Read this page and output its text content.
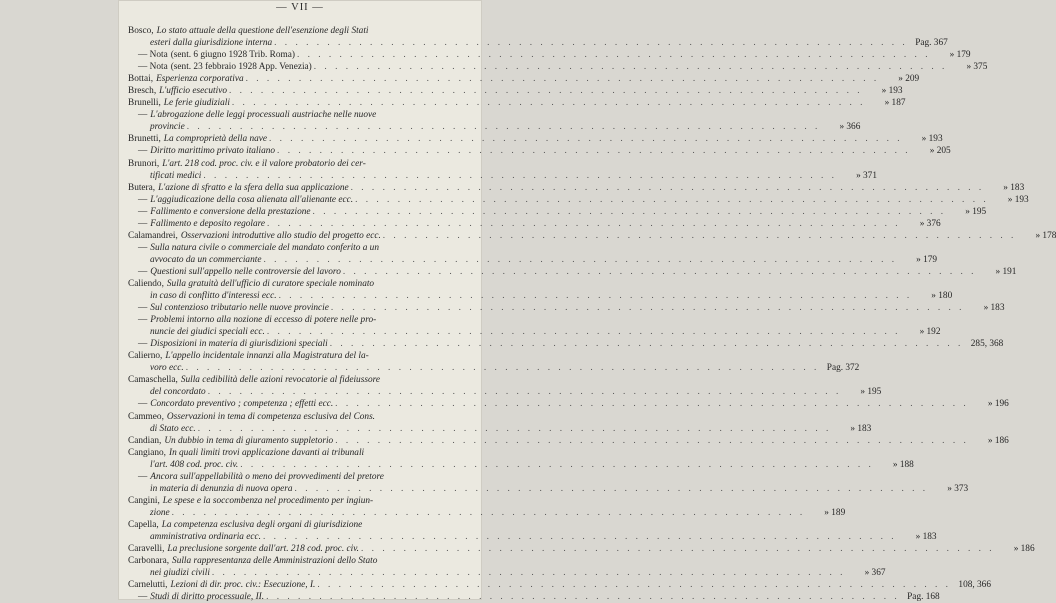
— VII —
Bosco, Lo stato attuale della questione dell'esenzione degli Stati
esteri dalla giurisdizione interna . . . . . . . . . . . . . . . . . . . . . . . . . . . . . . . . . . . . . . . . . . . . . . . . . . . . . . . . . . . . Pag. 367
— Nota (sent. 6 giugno 1928 Trib. Roma) . . . . . . . . . . . . . . . . . . . . . . . . . . . . . . . . . . . . . . . . . . . . . . . . . . . . . . . . . . . .	» 179
— Nota (sent. 23 febbraio 1928 App. Venezia) . . . . . . . . . . . . . . . . . . . . . . . . . . . . . . . . . . . . . . . . . . . . . . . . . . . . . . . . . . . .	» 375
Bottai, Esperienza corporativa . . . . . . . . . . . . . . . . . . . . . . . . . . . . . . . . . . . . . . . . . . . . . . . . . . . . . . . . . . . .	» 209
Bresch, L'ufficio esecutivo . . . . . . . . . . . . . . . . . . . . . . . . . . . . . . . . . . . . . . . . . . . . . . . . . . . . . . . . . . . .	» 193
Brunelli, Le ferie giudiziali . . . . . . . . . . . . . . . . . . . . . . . . . . . . . . . . . . . . . . . . . . . . . . . . . . . . . . . . . . . .	» 187
— L'abrogazione delle leggi processuali austriache nelle nuove
provincie . . . . . . . . . . . . . . . . . . . . . . . . . . . . . . . . . . . . . . . . . . . . . . . . . . . . . . . . . . . .	» 366
Brunetti, La comproprietà della nave . . . . . . . . . . . . . . . . . . . . . . . . . . . . . . . . . . . . . . . . . . . . . . . . . . . . . . . . . . . .	» 193
— Diritto marittimo privato italiano . . . . . . . . . . . . . . . . . . . . . . . . . . . . . . . . . . . . . . . . . . . . . . . . . . . . . . . . . . . .	» 205
Brunori, L'art. 218 cod. proc. civ. e il valore probatorio dei cer-
tificati medici . . . . . . . . . . . . . . . . . . . . . . . . . . . . . . . . . . . . . . . . . . . . . . . . . . . . . . . . . . . .	» 371
Butera, L'azione di sfratto e la sfera della sua applicazione . . . . . . . . . . . . . . . . . . . . . . . . . . . . . . . . . . . . . . . . . . . . . . . . . . . . . . . . . . . .	» 183
— L'aggiudicazione della cosa alienata all'alienante ecc. . . . . . . . . . . . . . . . . . . . . . . . . . . . . . . . . . . . . . . . . . . . . . . . . . . . . . . . . . . . .	» 193
— Fallimento e conversione della prestazione . . . . . . . . . . . . . . . . . . . . . . . . . . . . . . . . . . . . . . . . . . . . . . . . . . . . . . . . . . . .	» 195
— Fallimento e deposito regolare . . . . . . . . . . . . . . . . . . . . . . . . . . . . . . . . . . . . . . . . . . . . . . . . . . . . . . . . . . . .	» 376
Calamandrei, Osservazioni introduttive allo studio del progetto ecc. . . . . . . . . . . . . . . . . . . . . . . . . . . . . . . . . . . . . . . . . . . . . . . . . . . . . . . . . . . . .	» 178
— Sulla natura civile o commerciale del mandato conferito a un
avvocato da un commerciante . . . . . . . . . . . . . . . . . . . . . . . . . . . . . . . . . . . . . . . . . . . . . . . . . . . . . . . . . . . .	» 179
— Questioni sull'appello nelle controversie del lavoro . . . . . . . . . . . . . . . . . . . . . . . . . . . . . . . . . . . . . . . . . . . . . . . . . . . . . . . . . . . .	» 191
Caliendo, Sulla gratuità dell'ufficio di curatore speciale nominato
in caso di conflitto d'interessi ecc. . . . . . . . . . . . . . . . . . . . . . . . . . . . . . . . . . . . . . . . . . . . . . . . . . . . . . . . . . . . .	» 180
— Sul contenzioso tributario nelle nuove provincie . . . . . . . . . . . . . . . . . . . . . . . . . . . . . . . . . . . . . . . . . . . . . . . . . . . . . . . . . . . .	» 183
— Problemi intorno alla nozione di eccesso di potere nelle pro-
nuncie dei giudici speciali ecc. . . . . . . . . . . . . . . . . . . . . . . . . . . . . . . . . . . . . . . . . . . . . . . . . . . . . . . . . . . . .	» 192
— Disposizioni in materia di giurisdizioni speciali . . . . . . . . . . . . . . . . . . . . . . . . . . . . . . . . . . . . . . . . . . . . . . . . . . . . . . . . . . . . 285, 368
Calierno, L'appello incidentale innanzi alla Magistratura del la-
voro ecc. . . . . . . . . . . . . . . . . . . . . . . . . . . . . . . . . . . . . . . . . . . . . . . . . . . . . . . . . . . . . Pag. 372
Camaschella, Sulla cedibilità delle azioni revocatorie al fideiussore
del concordato . . . . . . . . . . . . . . . . . . . . . . . . . . . . . . . . . . . . . . . . . . . . . . . . . . . . . . . . . . . .	» 195
— Concordato preventivo ; competenza ; effetti ecc. . . . . . . . . . . . . . . . . . . . . . . . . . . . . . . . . . . . . . . . . . . . . . . . . . . . . . . . . . . . .	» 196
Cammeo, Osservazioni in tema di competenza esclusiva del Cons.
di Stato ecc. . . . . . . . . . . . . . . . . . . . . . . . . . . . . . . . . . . . . . . . . . . . . . . . . . . . . . . . . . . . .	» 183
Candian, Un dubbio in tema di giuramento suppletorio . . . . . . . . . . . . . . . . . . . . . . . . . . . . . . . . . . . . . . . . . . . . . . . . . . . . . . . . . . . .	» 186
Cangiano, In quali limiti trovi applicazione davanti ai tribunali
l'art. 408 cod. proc. civ. . . . . . . . . . . . . . . . . . . . . . . . . . . . . . . . . . . . . . . . . . . . . . . . . . . . . . . . . . . . .	» 188
— Ancora sull'appellabilità o meno dei provvedimenti del pretore
in materia di denunzia di nuova opera . . . . . . . . . . . . . . . . . . . . . . . . . . . . . . . . . . . . . . . . . . . . . . . . . . . . . . . . . . . .	» 373
Cangini, Le spese e la soccombenza nel procedimento per ingiun-
zione . . . . . . . . . . . . . . . . . . . . . . . . . . . . . . . . . . . . . . . . . . . . . . . . . . . . . . . . . . . .	» 189
Capella, La competenza esclusiva degli organi di giurisdizione
amministrativa ordinaria ecc. . . . . . . . . . . . . . . . . . . . . . . . . . . . . . . . . . . . . . . . . . . . . . . . . . . . . . . . . . . . .	» 183
Caravelli, La preclusione sorgente dall'art. 218 cod. proc. civ. . . . . . . . . . . . . . . . . . . . . . . . . . . . . . . . . . . . . . . . . . . . . . . . . . . . . . . . . . . . .	» 186
Carbonara, Sulla rappresentanza delle Amministrazioni dello Stato
nei giudizi civili . . . . . . . . . . . . . . . . . . . . . . . . . . . . . . . . . . . . . . . . . . . . . . . . . . . . . . . . . . . .	» 367
Carnelutti, Lezioni di dir. proc. civ.: Esecuzione, I. . . . . . . . . . . . . . . . . . . . . . . . . . . . . . . . . . . . . . . . . . . . . . . . . . . . . . . . . . . . . 108, 366
— Studi di diritto processuale, II. . . . . . . . . . . . . . . . . . . . . . . . . . . . . . . . . . . . . . . . . . . . . . . . . . . . . . . . . . . . . Pag. 168
